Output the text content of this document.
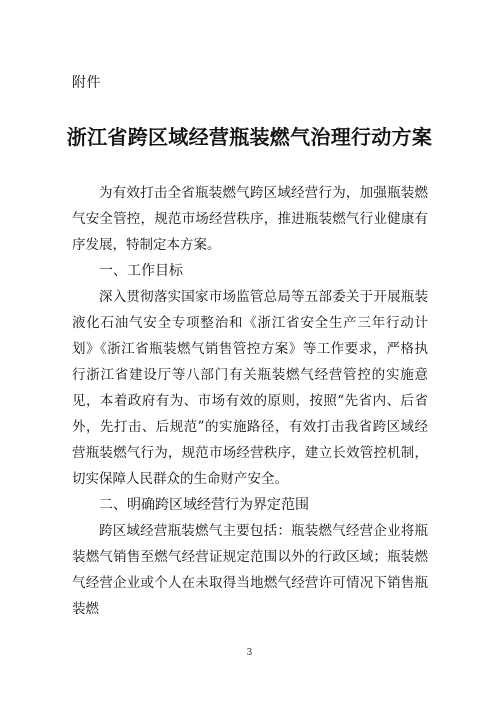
附件
浙江省跨区域经营瓶装燃气治理行动方案

为有效打击全省瓶装燃气跨区域经营行为，加强瓶装燃气安全管控，规范市场经营秩序，推进瓶装燃气行业健康有序发展，特制定本方案。

一、工作目标

深入贯彻落实国家市场监管总局等五部委关于开展瓶装液化石油气安全专项整治和《浙江省安全生产三年行动计划》《浙江省瓶装燃气销售管控方案》等工作要求，严格执行浙江省建设厅等八部门有关瓶装燃气经营管控的实施意见，本着政府有为、市场有效的原则，按照“先省内、后省外，先打击、后规范”的实施路径，有效打击我省跨区域经营瓶装燃气行为，规范市场经营秩序，建立长效管控机制，切实保障人民群众的生命财产安全。

二、明确跨区域经营行为界定范围

跨区域经营瓶装燃气主要包括：瓶装燃气经营企业将瓶装燃气销售至燃气经营证规定范围以外的行政区域；瓶装燃气经营企业或个人在未取得当地燃气经营许可情况下销售瓶装燃

3
